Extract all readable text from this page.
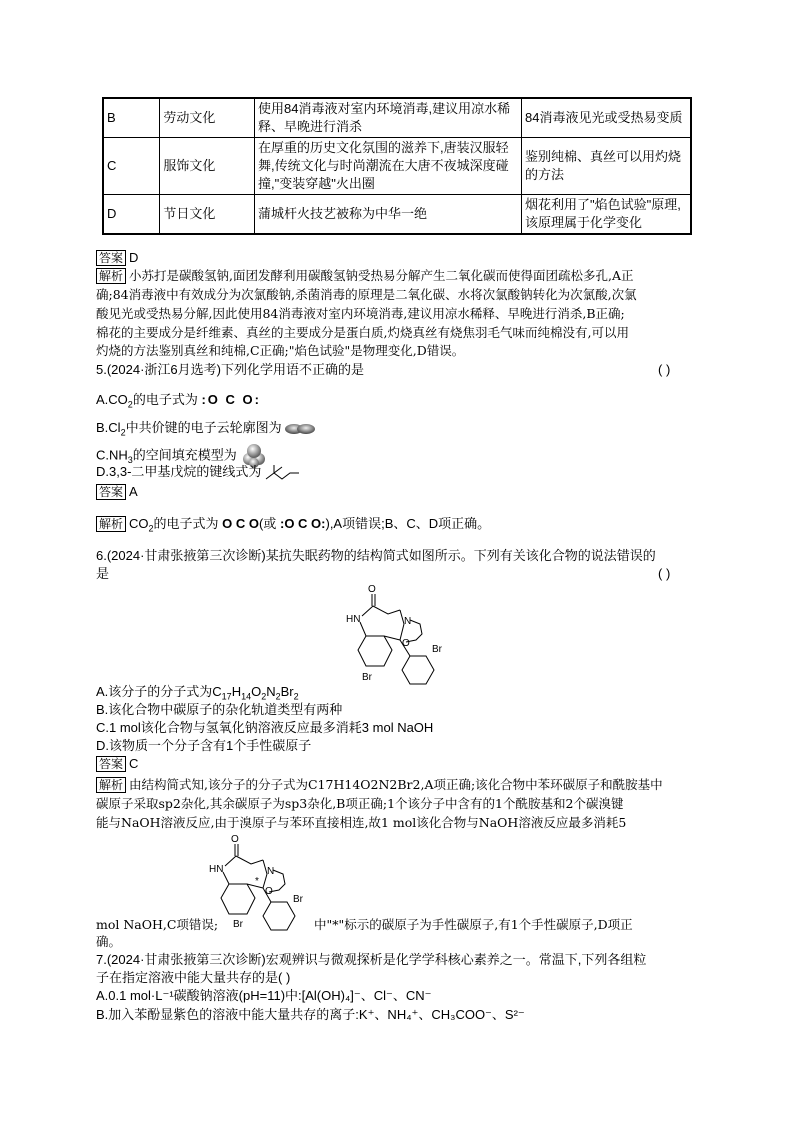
B	劳动文化	使用84消毒液对室内环境消毒,建议用凉水稀释、早晚进行消杀	84消毒液见光或受热易变质
C	服饰文化	在厚重的历史文化氛围的滋养下,唐装汉服轻舞,传统文化与时尚潮流在大唐不夜城深度碰撞,"变装穿越"火出圈	鉴别纯棉、真丝可以用灼烧的方法
D	节日文化	蒲城杆火技艺被称为中华一绝	烟花利用了"焰色试验"原理,该原理属于化学变化
答案 D
解析 小苏打是碳酸氢钠,面团发酵利用碳酸氢钠受热易分解产生二氧化碳而使得面团疏松多孔,A正
确;84消毒液中有效成分为次氯酸钠,杀菌消毒的原理是二氧化碳、水将次氯酸钠转化为次氯酸,次氯
酸见光或受热易分解,因此使用84消毒液对室内环境消毒,建议用凉水稀释、早晚进行消杀,B正确;
棉花的主要成分是纤维素、真丝的主要成分是蛋白质,灼烧真丝有烧焦羽毛气味而纯棉没有,可以用
灼烧的方法鉴别真丝和纯棉,C正确;"焰色试验"是物理变化,D错误。
5.(2024·浙江6月选考)下列化学用语不正确的是	( )
$A.CO_2$的电子式为 :O C O:
$B.Cl_2$中共价键的电子云轮廓图为
$C.NH_3$的空间填充模型为
D.3,3-二甲基戊烷的键线式为
答案 A
解析 $CO_2$的电子式为 O C O(或 :O C O:),A项错误;B、C、D项正确。
6.(2024·甘肃张掖第三次诊断)某抗失眠药物的结构简式如图所示。下列有关该化合物的说法错误的
是	( )
O
HN	N
O
Br
Br
A.该分子的分子式为$C_{17}H_{14}O_2N_2Br_2$
B.该化合物中碳原子的杂化轨道类型有两种
C.1 mol该化合物与氢氧化钠溶液反应最多消耗3 mol NaOH
D.该物质一个分子含有1个手性碳原子
答案 C
解析 由结构简式知,该分子的分子式为C17H14O2N2Br2,A项正确;该化合物中苯环碳原子和酰胺基中
碳原子采取sp2杂化,其余碳原子为sp3杂化,B项正确;1个该分子中含有的1个酰胺基和2个碳溴键
能与NaOH溶液反应,由于溴原子与苯环直接相连,故1 mol该化合物与NaOH溶液反应最多消耗5
O
HN	N
O
*
Br
Br
mol NaOH,C项错误;	中"*"标示的碳原子为手性碳原子,有1个手性碳原子,D项正
确。
7.(2024·甘肃张掖第三次诊断)宏观辨识与微观探析是化学学科核心素养之一。常温下,下列各组粒
子在指定溶液中能大量共存的是( )
A.0.1 mol·L⁻¹碳酸钠溶液(pH=11)中:[Al(OH)₄]⁻、Cl⁻、CN⁻
B.加入苯酚显紫色的溶液中能大量共存的离子:K⁺、NH₄⁺、CH₃COO⁻、S²⁻
